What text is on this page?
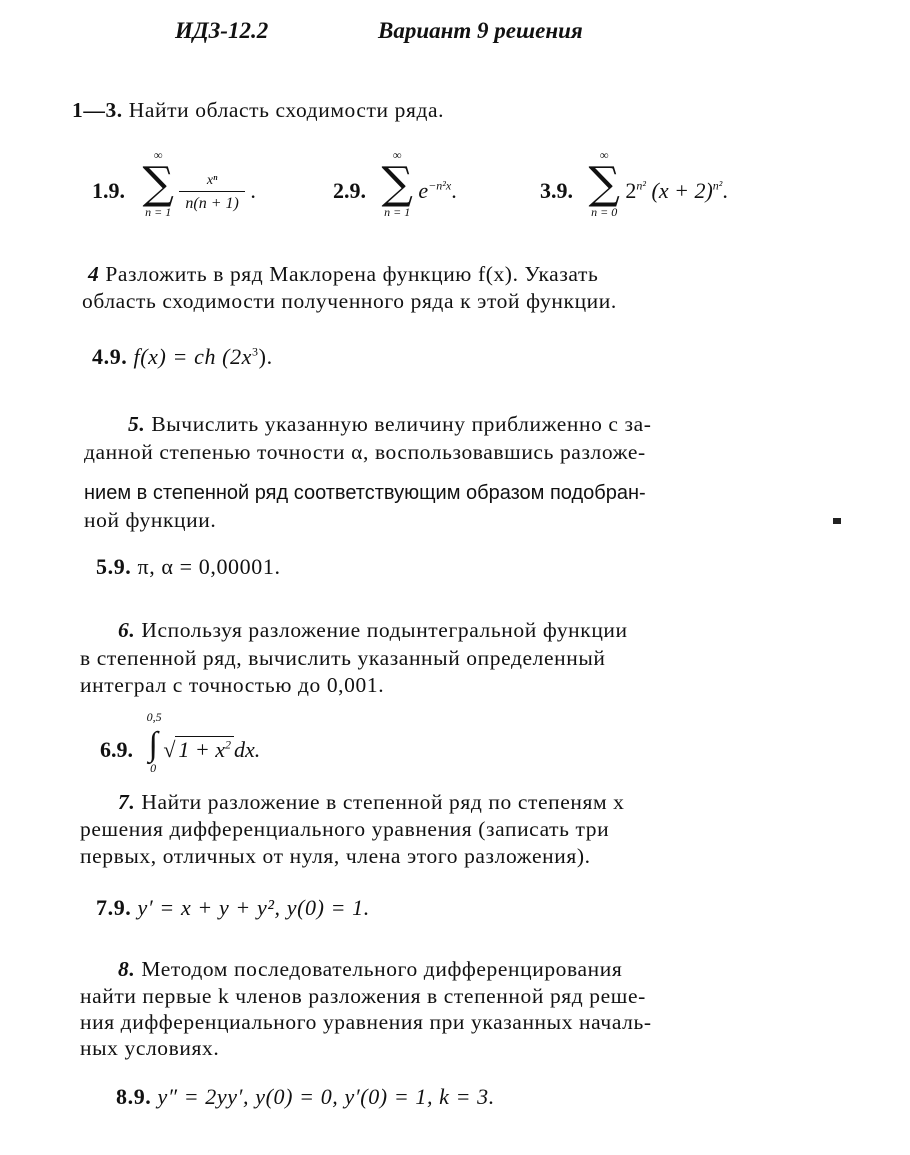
ИДЗ-12.2	Вариант 9 решения
1—3. Найти область сходимости ряда.
1.9.
∞
∑
n = 1
$\frac{\text{xⁿ}}{n(n + 1)}$ .	2.9.
∞
∑
n = 1
$e^{-n^2x}$.	3.9.
∞
∑
n = 0
$2^{n^2}$ $(x + 2)^{n^2}$.
4 Разложить в ряд Маклорена функцию f(x). Указать
область сходимости полученного ряда к этой функции.
4.9. f(x) = ch $(2x^3)$.
5. Вычислить указанную величину приближенно с за-
данной степенью точности α, воспользовавшись разложе-
нием в степенной ряд соответствующим образом подобран-
ной функции.
5.9. π, α = 0,00001.
6. Используя разложение подынтегральной функции
в степенной ряд, вычислить указанный определенный
интеграл с точностью до 0,001.
6.9.
0,5
∫
0
√ $1 + x^2$ dx.
7. Найти разложение в степенной ряд по степеням x
решения дифференциального уравнения (записать три
первых, отличных от нуля, члена этого разложения).
7.9. y′ = x + y + y², y(0) = 1.
8. Методом последовательного дифференцирования
найти первые k членов разложения в степенной ряд реше-
ния дифференциального уравнения при указанных началь-
ных условиях.
8.9. y″ = 2yy′, y(0) = 0, y′(0) = 1, k = 3.
